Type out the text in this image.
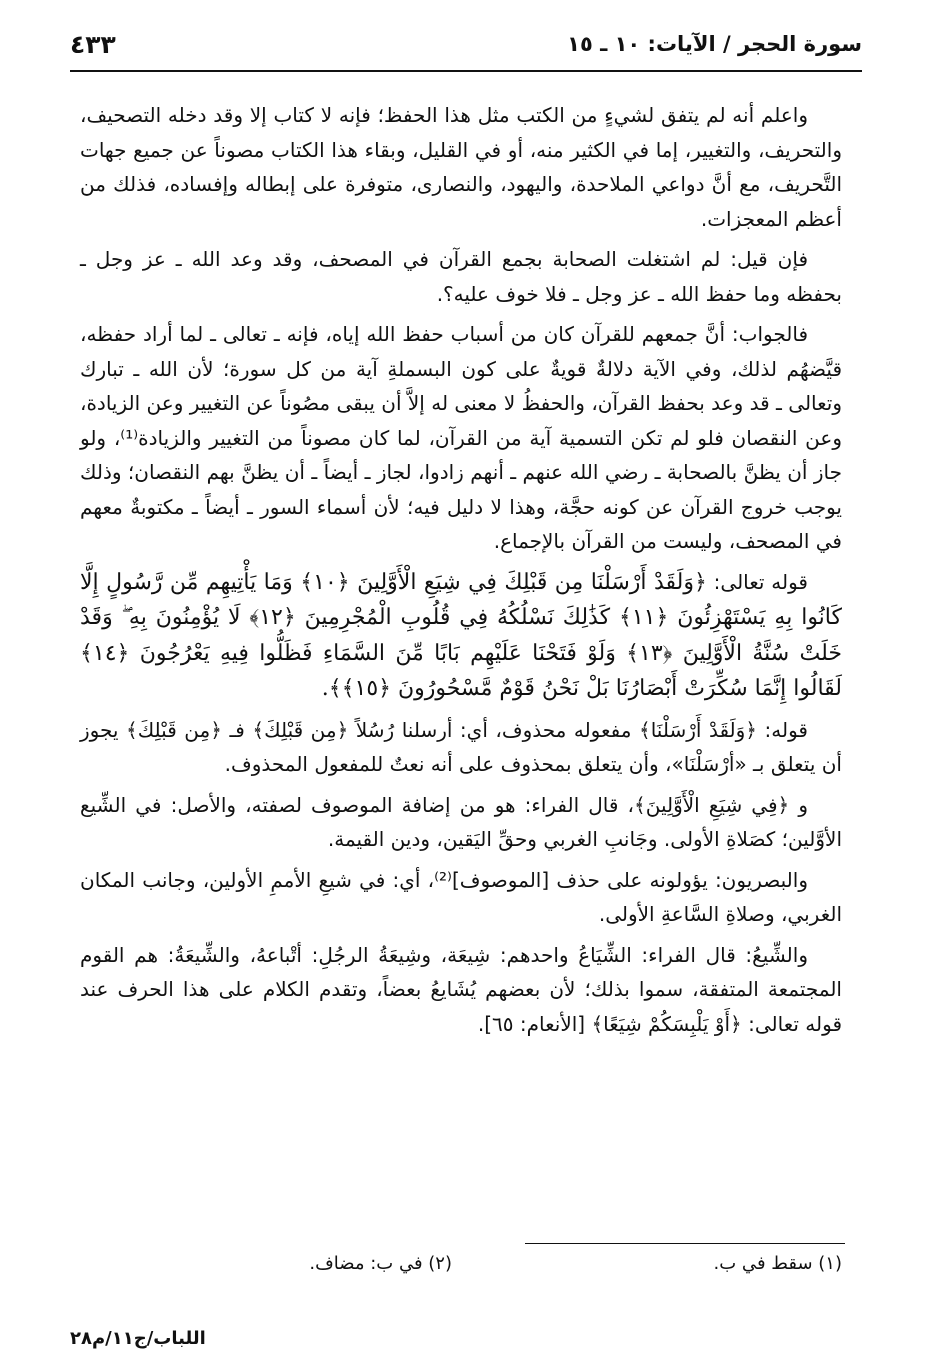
سورة الحجر / الآيات: ١٠ ـ ١٥
٤٣٣

واعلم أنه لم يتفق لشيءٍ من الكتب مثل هذا الحفظ؛ فإنه لا كتاب إلا وقد دخله التصحيف، والتحريف، والتغيير، إما في الكثير منه، أو في القليل، وبقاء هذا الكتاب مصوناً عن جميع جهات التَّحريف، مع أنَّ دواعي الملاحدة، واليهود، والنصارى، متوفرة على إبطاله وإفساده، فذلك من أعظم المعجزات.

فإن قيل: لم اشتغلت الصحابة بجمع القرآن في المصحف، وقد وعد الله ـ عز وجل ـ بحفظه وما حفظ الله ـ عز وجل ـ فلا خوف عليه؟.

فالجواب: أنَّ جمعهم للقرآن كان من أسباب حفظ الله إياه، فإنه ـ تعالى ـ لما أراد حفظه، قيَّضهُم لذلك، وفي الآية دلالةٌ قويةٌ على كون البسملةِ آية من كل سورة؛ لأن الله ـ تبارك وتعالى ـ قد وعد بحفظ القرآن، والحفظُ لا معنى له إلاَّ أن يبقى مصُوناً عن التغيير وعن الزيادة، وعن النقصان فلو لم تكن التسمية آية من القرآن، لما كان مصوناً من التغيير والزيادة⁽¹⁾، ولو جاز أن يظنَّ بالصحابة ـ رضي الله عنهم ـ أنهم زادوا، لجاز ـ أيضاً ـ أن يظنَّ بهم النقصان؛ وذلك يوجب خروج القرآن عن كونه حجَّة، وهذا لا دليل فيه؛ لأن أسماء السور ـ أيضاً ـ مكتوبةٌ معهم في المصحف، وليست من القرآن بالإجماع.

قوله تعالى: ﴿وَلَقَدْ أَرْسَلْنَا مِن قَبْلِكَ فِي شِيَعِ الْأَوَّلِينَ ﴿١٠﴾ وَمَا يَأْتِيهِم مِّن رَّسُولٍ إِلَّا كَانُوا بِهِ يَسْتَهْزِئُونَ ﴿١١﴾ كَذَٰلِكَ نَسْلُكُهُ فِي قُلُوبِ الْمُجْرِمِينَ ﴿١٢﴾ لَا يُؤْمِنُونَ بِهِ ۖ وَقَدْ خَلَتْ سُنَّةُ الْأَوَّلِينَ ﴿١٣﴾ وَلَوْ فَتَحْنَا عَلَيْهِم بَابًا مِّنَ السَّمَاءِ فَظَلُّوا فِيهِ يَعْرُجُونَ ﴿١٤﴾ لَقَالُوا إِنَّمَا سُكِّرَتْ أَبْصَارُنَا بَلْ نَحْنُ قَوْمٌ مَّسْحُورُونَ ﴿١٥﴾﴾.

قوله: ﴿وَلَقَدْ أَرْسَلْنَا﴾ مفعوله محذوف، أي: أرسلنا رُسُلاً ﴿مِن قَبْلِكَ﴾ فـ ﴿مِن قَبْلِكَ﴾ يجوز أن يتعلق بـ «أرْسَلْنَا»، وأن يتعلق بمحذوف على أنه نعتٌ للمفعول المحذوف.

و ﴿فِي شِيَعِ الْأَوَّلِينَ﴾، قال الفراء: هو من إضافة الموصوف لصفته، والأصل: في الشِّيع الأوَّلين؛ كصَلاةِ الأولى. وجَانبِ الغربي وحقِّ اليَقين، ودين القيمة.

والبصريون: يؤولونه على حذف [الموصوف]⁽²⁾، أي: في شيعِ الأممِ الأولين، وجانب المكان الغربي، وصلاةِ السَّاعةِ الأولى.

والشِّيعُ: قال الفراء: الشِّيَاعُ واحدهم: شِيعَة، وشِيعَةُ الرجُلِ: أتْباعهُ، والشِّيعَةُ: هم القوم المجتمعة المتفقة، سموا بذلك؛ لأن بعضهم يُشَايعُ بعضاً، وتقدم الكلام على هذا الحرف عند قوله تعالى: ﴿أَوْ يَلْبِسَكُمْ شِيَعًا﴾ [الأنعام: ٦٥].

(١) سقط في ب.
(٢) في ب: مضاف.
اللباب/ج١١/م٢٨
